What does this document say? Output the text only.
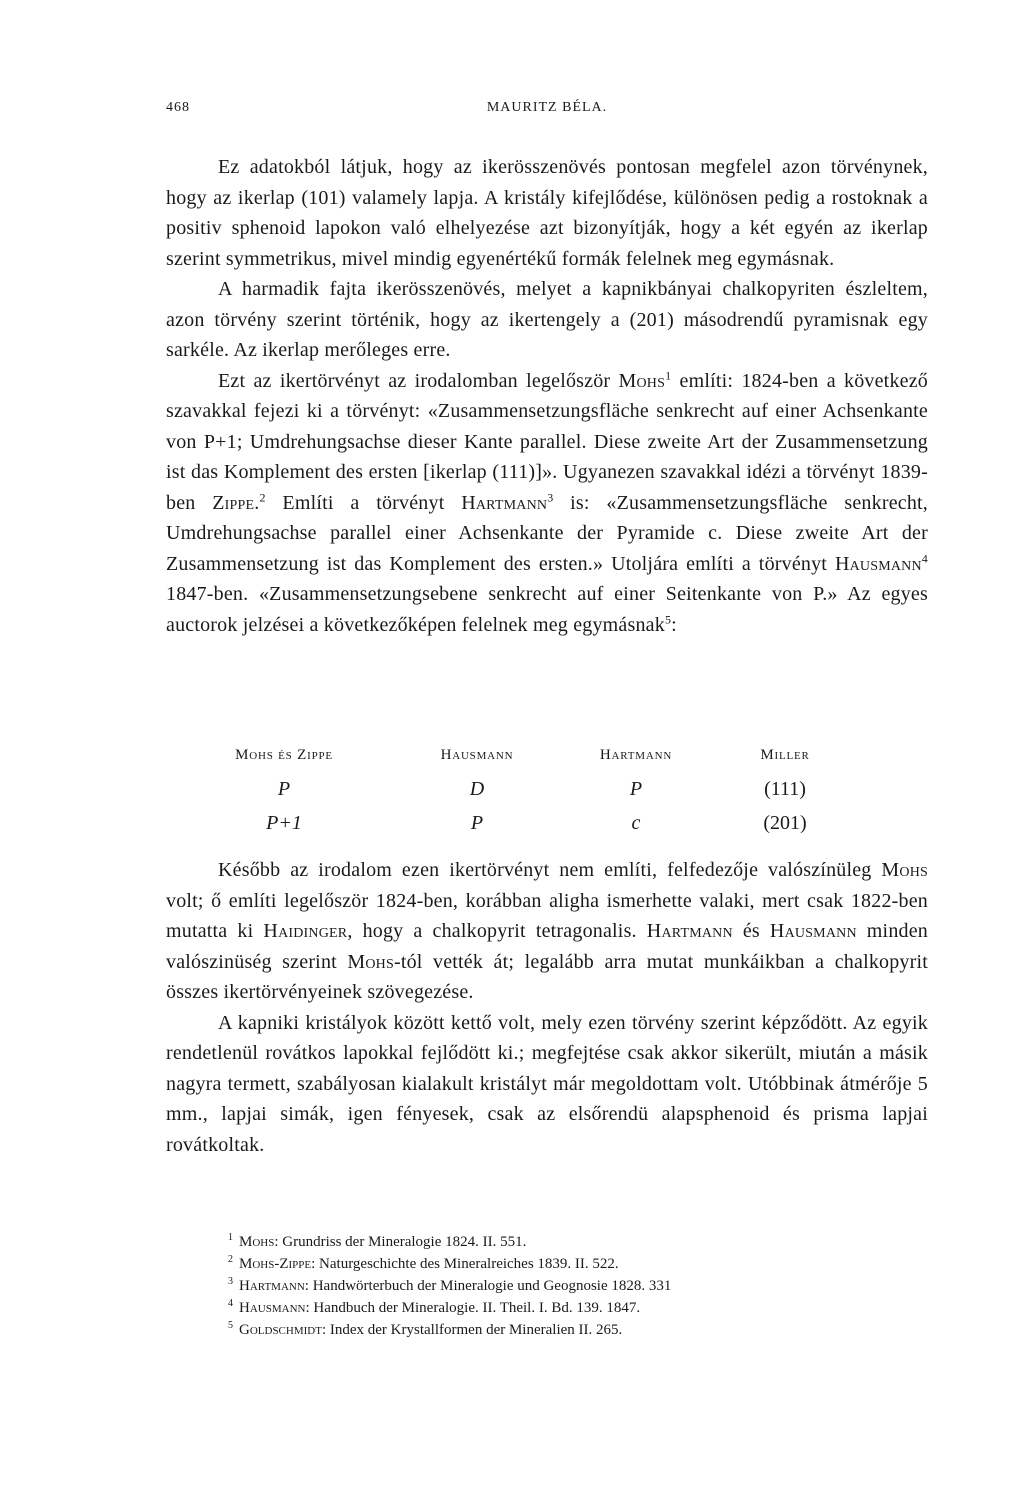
468	MAURITZ BÉLA.

Ez adatokból látjuk, hogy az ikerösszenövés pontosan megfelel azon törvénynek, hogy az ikerlap (101) valamely lapja. A kristály kifejlődése, különösen pedig a rostoknak a positiv sphenoid lapokon való elhelyezése azt bizonyítják, hogy a két egyén az ikerlap szerint symmetrikus, mivel mindig egyenértékű formák felelnek meg egymásnak.

A harmadik fajta ikerösszenövés, melyet a kapnikbányai chalkopyriten észleltem, azon törvény szerint történik, hogy az ikertengely a (201) másodrendű pyramisnak egy sarkéle. Az ikerlap merőleges erre.

Ezt az ikertörvényt az irodalomban legelőször Mohs$^1$ említi: 1824-ben a következő szavakkal fejezi ki a törvényt: «Zusammensetzungsfläche senkrecht auf einer Achsenkante von P+1; Umdrehungsachse dieser Kante parallel. Diese zweite Art der Zusammensetzung ist das Komplement des ersten [ikerlap (111)]». Ugyanezen szavakkal idézi a törvényt 1839-ben Zippe.$^2$ Említi a törvényt Hartmann$^3$ is: «Zusammensetzungsfläche senkrecht, Umdrehungsachse parallel einer Achsenkante der Pyramide c. Diese zweite Art der Zusammensetzung ist das Komplement des ersten.» Utoljára említi a törvényt Hausmann$^4$ 1847-ben. «Zusammensetzungsebene senkrecht auf einer Seitenkante von P.» Az egyes auctorok jelzései a következőképen felelnek meg egymásnak$^5$:

Mohs és Zippe	Hausmann	Hartmann	Miller
P	D	P	(111)
P+1	P	c	(201)

Később az irodalom ezen ikertörvényt nem említi, felfedezője valószínüleg Mohs volt; ő említi legelőször 1824-ben, korábban aligha ismerhette valaki, mert csak 1822-ben mutatta ki Haidinger, hogy a chalkopyrit tetragonalis. Hartmann és Hausmann minden valószinüség szerint Mohs-tól vették át; legalább arra mutat munkáikban a chalkopyrit összes ikertörvényeinek szövegezése.

A kapniki kristályok között kettő volt, mely ezen törvény szerint képződött. Az egyik rendetlenül rovátkos lapokkal fejlődött ki.; megfejtése csak akkor sikerült, miután a másik nagyra termett, szabályosan kialakult kristályt már megoldottam volt. Utóbbinak átmérője 5 mm., lapjai simák, igen fényesek, csak az elsőrendü alapsphenoid és prisma lapjai rovátkoltak.

$^1$ Mohs: Grundriss der Mineralogie 1824. II. 551.
$^2$ Mohs-Zippe: Naturgeschichte des Mineralreiches 1839. II. 522.
$^3$ Hartmann: Handwörterbuch der Mineralogie und Geognosie 1828. 331
$^4$ Hausmann: Handbuch der Mineralogie. II. Theil. I. Bd. 139. 1847.
$^5$ Goldschmidt: Index der Krystallformen der Mineralien II. 265.
